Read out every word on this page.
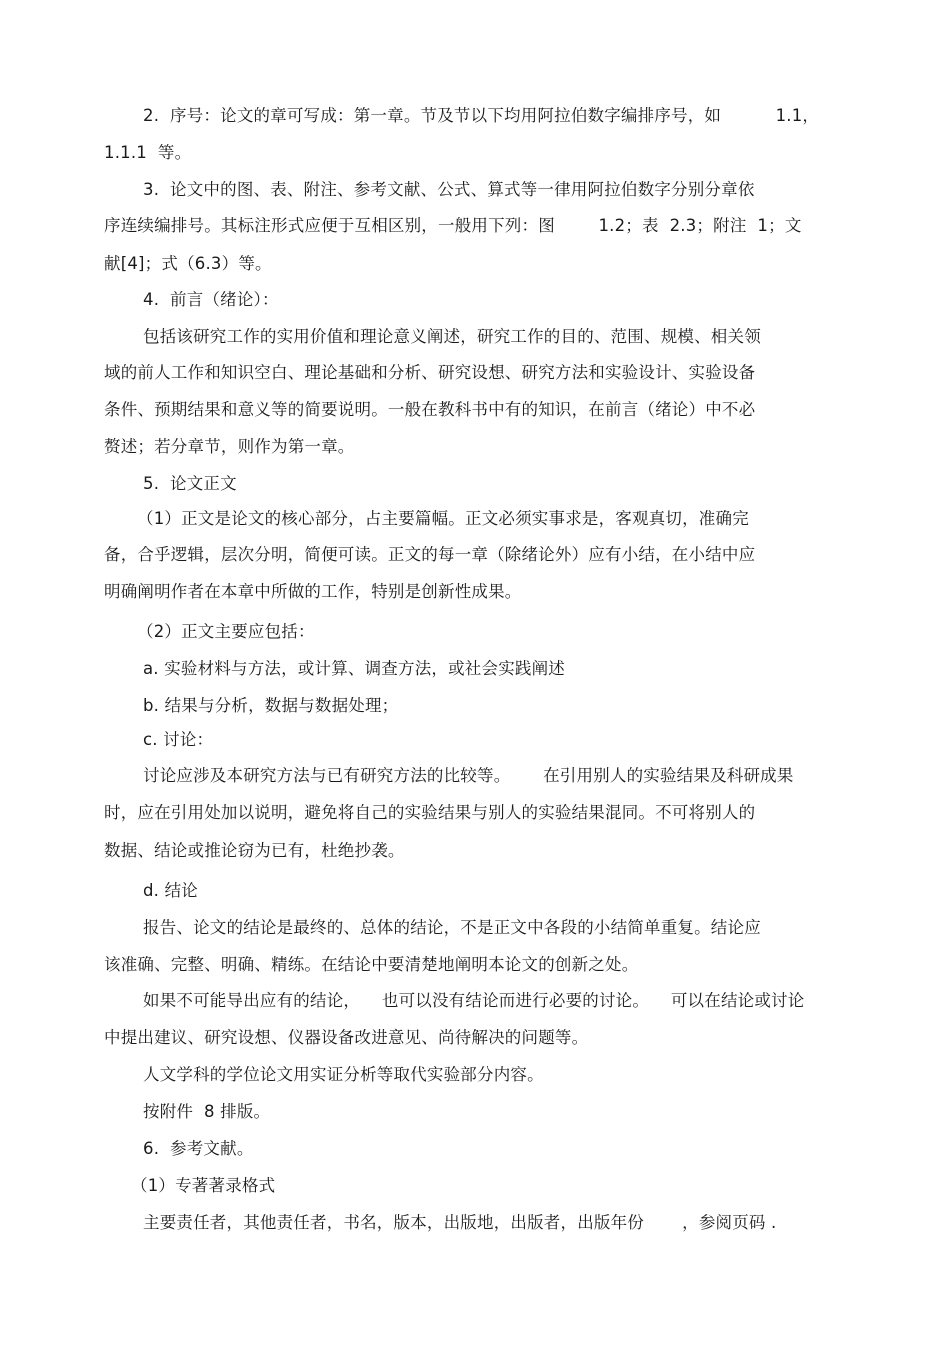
2.  序号：论文的章可写成：第一章。节及节以下均用阿拉伯数字编排序号，如          1.1，
1.1.1  等。
3.  论文中的图、表、附注、参考文献、公式、算式等一律用阿拉伯数字分别分章依
序连续编排号。其标注形式应便于互相区别，一般用下列：图        1.2；表  2.3；附注  1；文
献[4]；式（6.3）等。
4.  前言（绪论）：
包括该研究工作的实用价值和理论意义阐述，研究工作的目的、范围、规模、相关领
域的前人工作和知识空白、理论基础和分析、研究设想、研究方法和实验设计、实验设备
条件、预期结果和意义等的简要说明。一般在教科书中有的知识，在前言（绪论）中不必
赘述；若分章节，则作为第一章。
5.  论文正文
（1）正文是论文的核心部分，占主要篇幅。正文必须实事求是，客观真切，准确完
备，合乎逻辑，层次分明，简便可读。正文的每一章（除绪论外）应有小结，在小结中应
明确阐明作者在本章中所做的工作，特别是创新性成果。
（2）正文主要应包括：
a. 实验材料与方法，或计算、调查方法，或社会实践阐述
b. 结果与分析，数据与数据处理；
c. 讨论：
讨论应涉及本研究方法与已有研究方法的比较等。      在引用别人的实验结果及科研成果
时，应在引用处加以说明，避免将自己的实验结果与别人的实验结果混同。不可将别人的
数据、结论或推论窃为已有，杜绝抄袭。
d. 结论
报告、论文的结论是最终的、总体的结论，不是正文中各段的小结简单重复。结论应
该准确、完整、明确、精练。在结论中要清楚地阐明本论文的创新之处。
如果不可能导出应有的结论，    也可以没有结论而进行必要的讨论。    可以在结论或讨论
中提出建议、研究设想、仪器设备改进意见、尚待解决的问题等。
人文学科的学位论文用实证分析等取代实验部分内容。
按附件  8 排版。
6.  参考文献。
（1）专著著录格式
主要责任者，其他责任者，书名，版本，出版地，出版者，出版年份       ，参阅页码 .
